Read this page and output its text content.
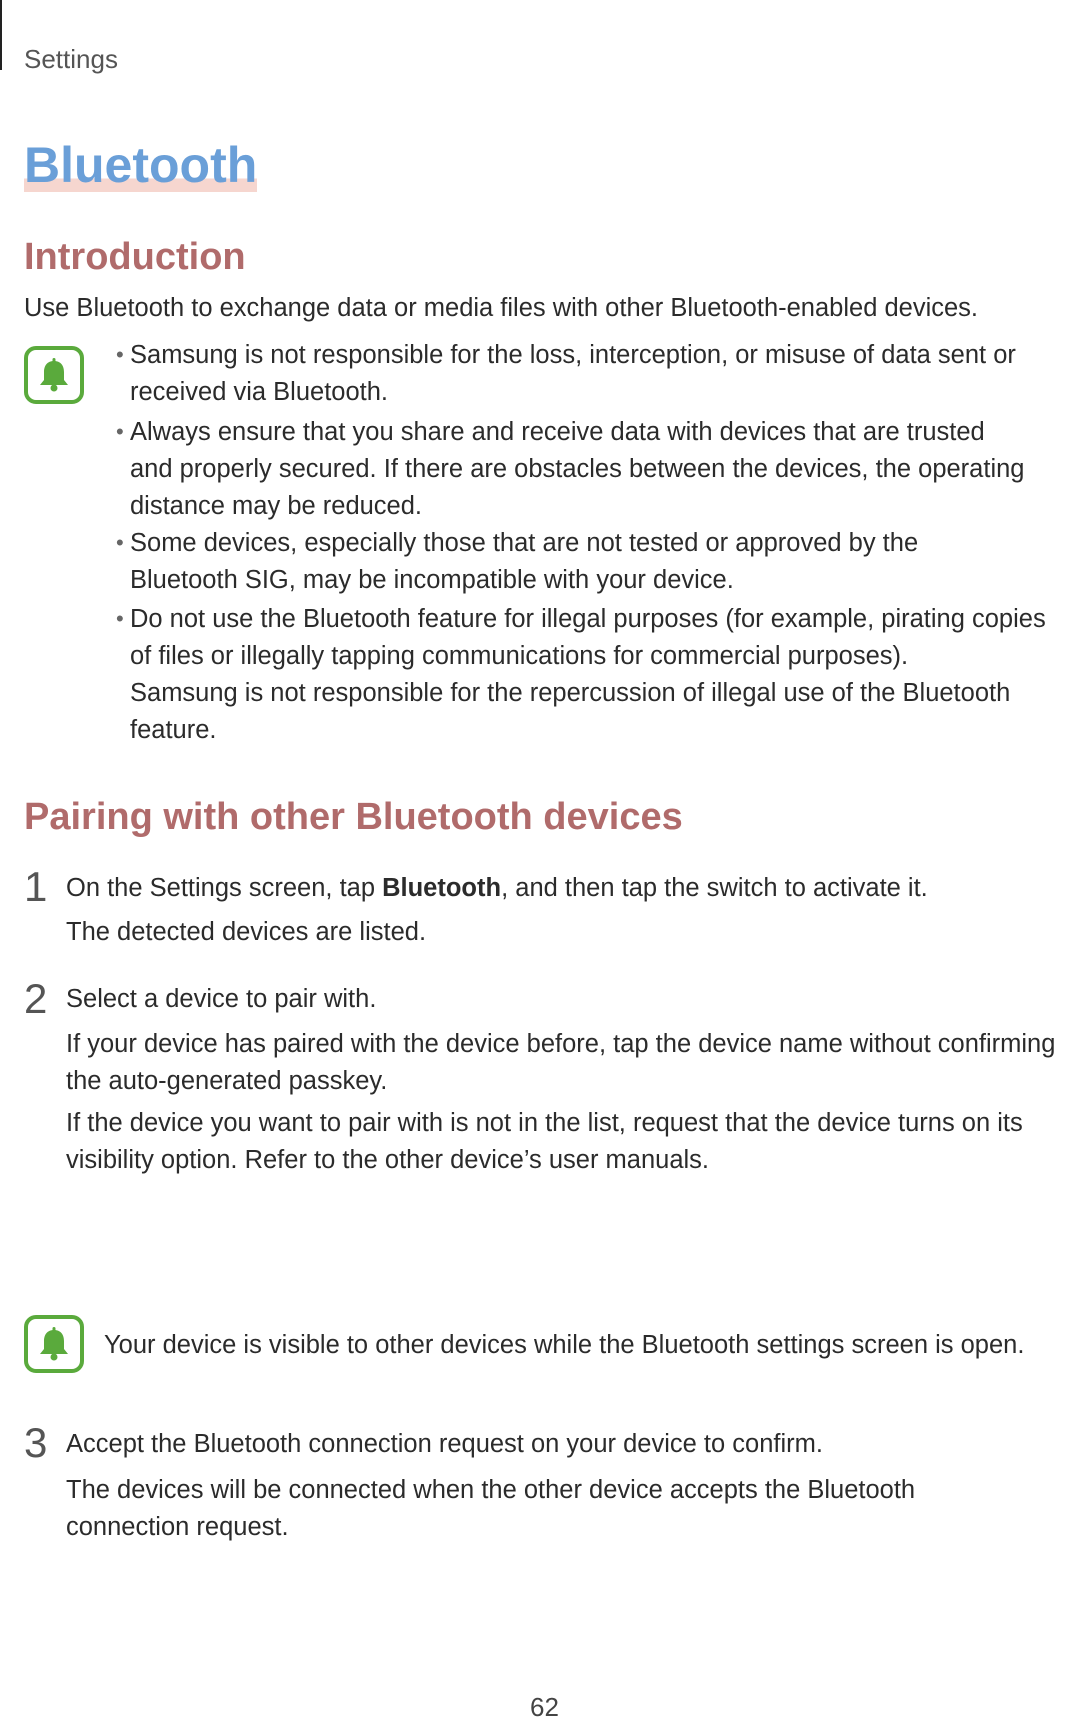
Settings
Bluetooth
Introduction

Use Bluetooth to exchange data or media files with other Bluetooth-enabled devices.

• Samsung is not responsible for the loss, interception, or misuse of data sent or received via Bluetooth.

• Always ensure that you share and receive data with devices that are trusted and properly secured. If there are obstacles between the devices, the operating distance may be reduced.

• Some devices, especially those that are not tested or approved by the Bluetooth SIG, may be incompatible with your device.

• Do not use the Bluetooth feature for illegal purposes (for example, pirating copies of files or illegally tapping communications for commercial purposes).

Samsung is not responsible for the repercussion of illegal use of the Bluetooth feature.

Pairing with other Bluetooth devices
1 On the Settings screen, tap Bluetooth, and then tap the switch to activate it.

The detected devices are listed.

2 Select a device to pair with.

If your device has paired with the device before, tap the device name without confirming the auto-generated passkey.

If the device you want to pair with is not in the list, request that the device turns on its visibility option. Refer to the other device’s user manuals.

Your device is visible to other devices while the Bluetooth settings screen is open.

3 Accept the Bluetooth connection request on your device to confirm.

The devices will be connected when the other device accepts the Bluetooth connection request.

62
